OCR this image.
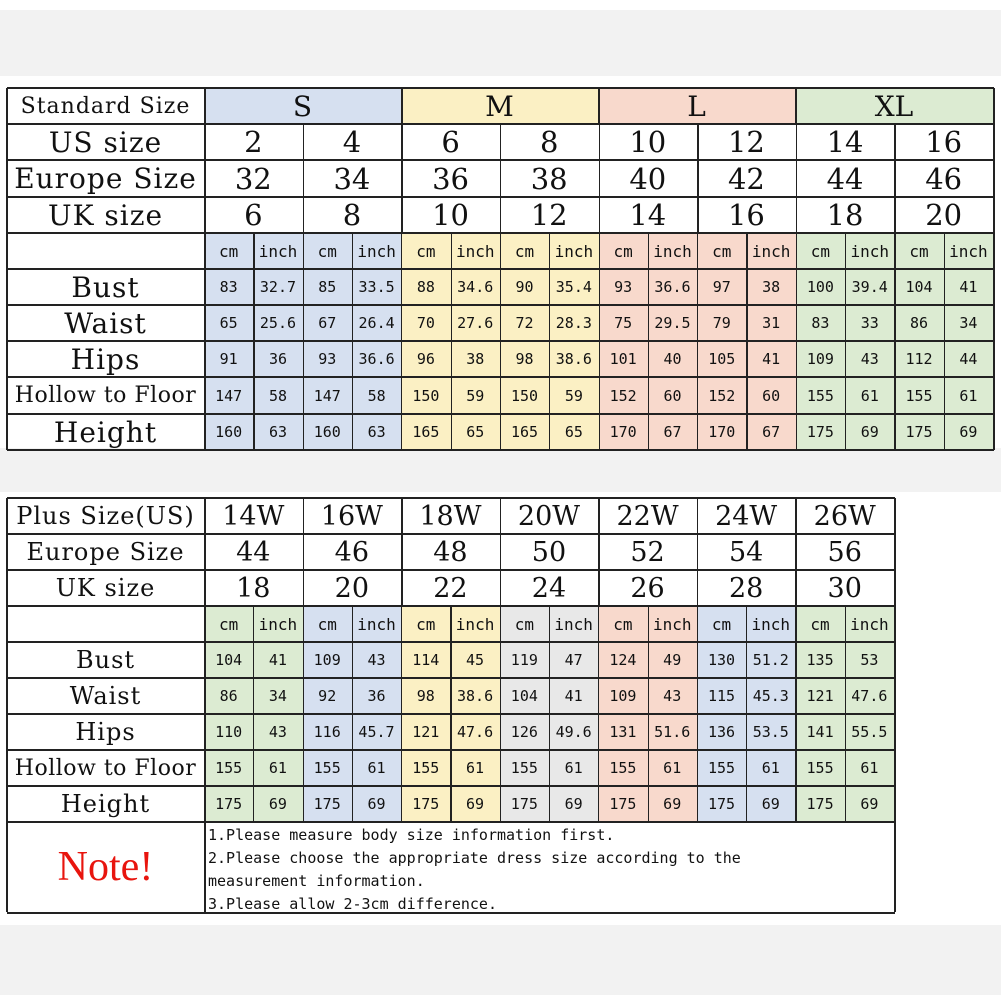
Standard Size	S	M	L	XL
US size	2	4	6	8	10	12	14	16
Europe Size	32	34	36	38	40	42	44	46
UK size	6	8	10	12	14	16	18	20
cm	inch	cm	inch	cm	inch	cm	inch	cm	inch	cm	inch	cm	inch	cm	inch
Bust	83	32.7	85	33.5	88	34.6	90	35.4	93	36.6	97	38	100	39.4	104	41
Waist	65	25.6	67	26.4	70	27.6	72	28.3	75	29.5	79	31	83	33	86	34
Hips	91	36	93	36.6	96	38	98	38.6	101	40	105	41	109	43	112	44
Hollow to Floor	147	58	147	58	150	59	150	59	152	60	152	60	155	61	155	61
Height	160	63	160	63	165	65	165	65	170	67	170	67	175	69	175	69
Plus Size(US)	14W	16W	18W	20W	22W	24W	26W
Europe Size	44	46	48	50	52	54	56
UK size	18	20	22	24	26	28	30
cm	inch	cm	inch	cm	inch	cm	inch	cm	inch	cm	inch	cm	inch
Bust	104	41	109	43	114	45	119	47	124	49	130	51.2	135	53
Waist	86	34	92	36	98	38.6	104	41	109	43	115	45.3	121	47.6
Hips	110	43	116	45.7	121	47.6	126	49.6	131	51.6	136	53.5	141	55.5
Hollow to Floor	155	61	155	61	155	61	155	61	155	61	155	61	155	61
Height	175	69	175	69	175	69	175	69	175	69	175	69	175	69
Note!
1.Please measure body size information first.
2.Please choose the appropriate dress size according to the
measurement information.
3.Please allow 2-3cm difference.
